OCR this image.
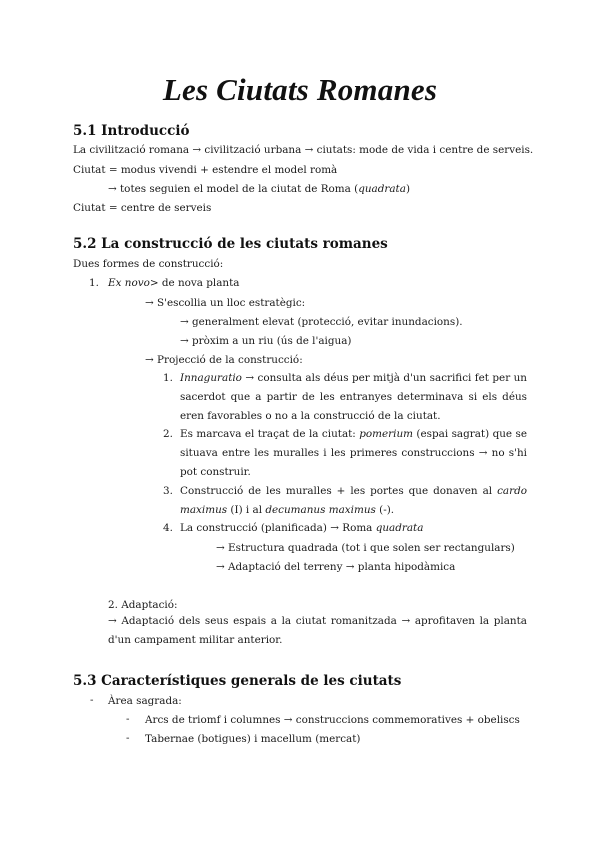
Les Ciutats Romanes
5.1 Introducció
La civilització romana → civilització urbana → ciutats: mode de vida i centre de serveis.
Ciutat = modus vivendi + estendre el model romà
→ totes seguien el model de la ciutat de Roma (quadrata)
Ciutat = centre de serveis
5.2 La construcció de les ciutats romanes
Dues formes de construcció:
1. Ex novo> de nova planta
→ S'escollia un lloc estratègic:
→ generalment elevat (protecció, evitar inundacions).
→ pròxim a un riu (ús de l'aigua)
→ Projecció de la construcció:
1. Innaguratio → consulta als déus per mitjà d'un sacrifici fet per un sacerdot que a partir de les entranyes determinava si els déus eren favorables o no a la construcció de la ciutat.
2. Es marcava el traçat de la ciutat: pomerium (espai sagrat) que se situava entre les muralles i les primeres construccions → no s'hi pot construir.
3. Construcció de les muralles + les portes que donaven al cardo maximus (I) i al decumanus maximus (-).
4. La construcció (planificada) → Roma quadrata
→ Estructura quadrada (tot i que solen ser rectangulars)
→ Adaptació del terreny → planta hipodàmica
2. Adaptació:
→ Adaptació dels seus espais a la ciutat romanitzada → aprofitaven la planta d'un campament militar anterior.
5.3 Característiques generals de les ciutats
- Àrea sagrada:
- Arcs de triomf i columnes → construccions commemoratives + obeliscs
- Tabernae (botigues) i macellum (mercat)
